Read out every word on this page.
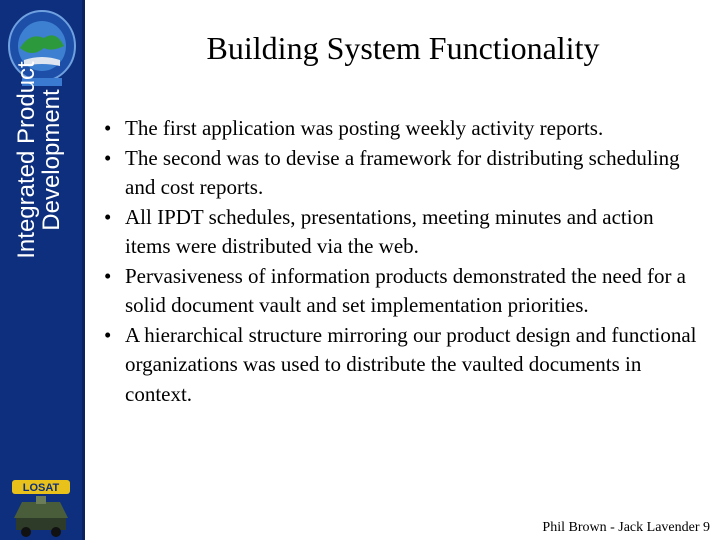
Integrated Product
Development
LOSAT
Building System Functionality
• The first application was posting weekly activity reports.
• The second was to devise a framework for distributing scheduling and cost reports.
• All IPDT schedules, presentations, meeting minutes and action items were distributed via the web.
• Pervasiveness of information products demonstrated the need for a solid document vault and set implementation priorities.
• A hierarchical structure mirroring our product design and functional organizations was used to distribute the vaulted documents in context.
Phil Brown - Jack Lavender 9
